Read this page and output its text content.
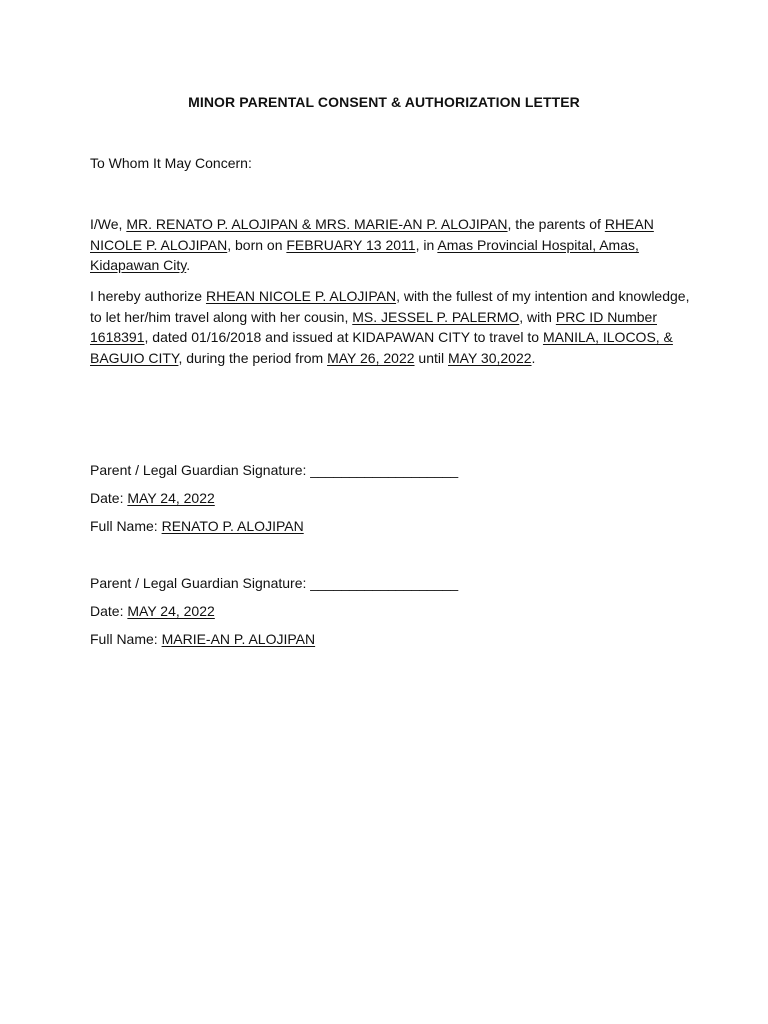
MINOR PARENTAL CONSENT & AUTHORIZATION LETTER
To Whom It May Concern:
I/We, MR. RENATO P. ALOJIPAN & MRS. MARIE-AN P. ALOJIPAN, the parents of RHEAN NICOLE P. ALOJIPAN, born on FEBRUARY 13 2011, in Amas Provincial Hospital, Amas, Kidapawan City.
I hereby authorize RHEAN NICOLE P. ALOJIPAN, with the fullest of my intention and knowledge, to let her/him travel along with her cousin, MS. JESSEL P. PALERMO, with PRC ID Number 1618391, dated 01/16/2018 and issued at KIDAPAWAN CITY to travel to MANILA, ILOCOS, & BAGUIO CITY, during the period from MAY 26, 2022 until MAY 30,2022.
Parent / Legal Guardian Signature: ___________________
Date: MAY 24, 2022
Full Name: RENATO P. ALOJIPAN
Parent / Legal Guardian Signature: ___________________
Date: MAY 24, 2022
Full Name: MARIE-AN P. ALOJIPAN
